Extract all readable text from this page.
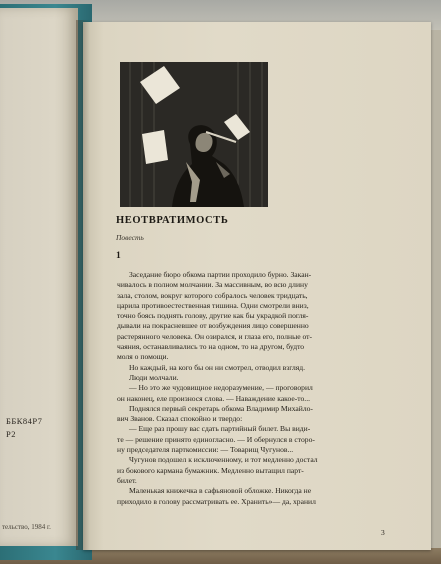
ББК84Р7
Р2
тельство, 1984 г.
НЕОТВРАТИМОСТЬ
Повесть
1
Заседание бюро обкома партии проходило бурно. Закан-
чивалось в полном молчании. За массивным, во всю длину
зала, столом, вокруг которого собралось человек тридцать,
царила противоестественная тишина. Одни смотрели вниз,
точно боясь поднять голову, другие как бы украдкой погля-
дывали на покрасневшее от возбуждения лицо совершенно
растерянного человека. Он озирался, и глаза его, полные от-
чаяния, останавливались то на одном, то на другом, будто
моля о помощи.
Но каждый, на кого бы он ни смотрел, отводил взгляд.
Люди молчали.
— Но это же чудовищное недоразумение, — проговорил
он наконец, еле произнося слова. — Наваждение какое-то...
Поднялся первый секретарь обкома Владимир Михайло-
вич Званов. Сказал спокойно и твердо:
— Еще раз прошу вас сдать партийный билет. Вы види-
те — решение принято единогласно. — И обернулся в сторо-
ну председателя парткомиссии: — Товарищ Чугунов...
Чугунов подошел к исключенному, и тот медленно достал
из бокового кармана бумажник. Медленно вытащил парт-
билет.
Маленькая книжечка в сафьяновой обложке. Никогда не
приходило в голову рассматривать ее. Хранить»— да, хранил
3
